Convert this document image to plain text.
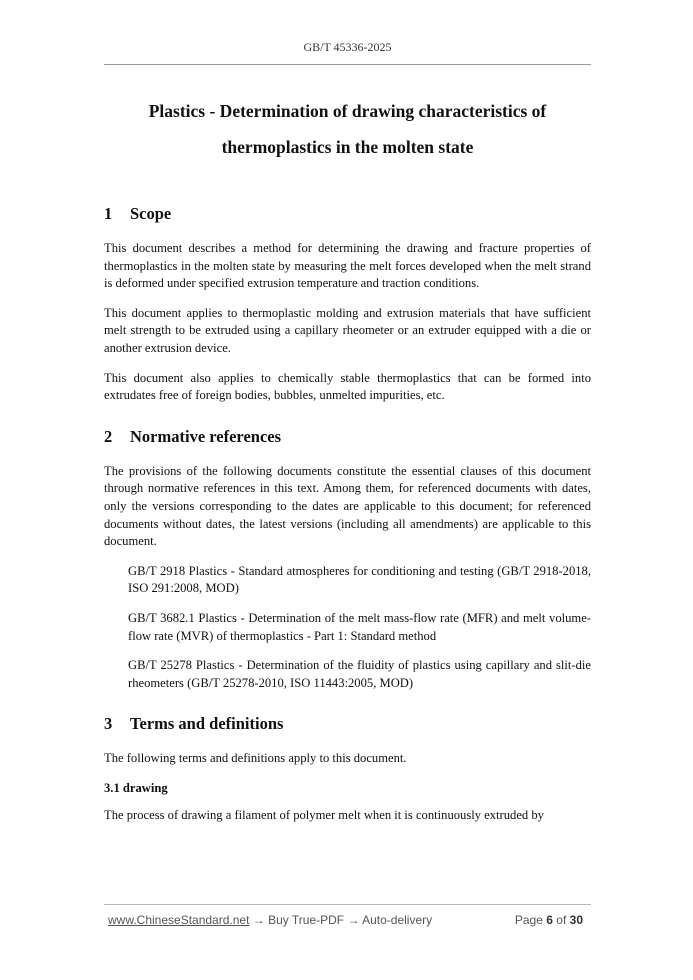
GB/T 45336-2025
Plastics - Determination of drawing characteristics of
thermoplastics in the molten state
1	Scope

This document describes a method for determining the drawing and fracture properties of thermoplastics in the molten state by measuring the melt forces developed when the melt strand is deformed under specified extrusion temperature and traction conditions.

This document applies to thermoplastic molding and extrusion materials that have sufficient melt strength to be extruded using a capillary rheometer or an extruder equipped with a die or another extrusion device.

This document also applies to chemically stable thermoplastics that can be formed into extrudates free of foreign bodies, bubbles, unmelted impurities, etc.

2	Normative references

The provisions of the following documents constitute the essential clauses of this document through normative references in this text. Among them, for referenced documents with dates, only the versions corresponding to the dates are applicable to this document; for referenced documents without dates, the latest versions (including all amendments) are applicable to this document.

GB/T 2918 Plastics - Standard atmospheres for conditioning and testing (GB/T 2918-2018, ISO 291:2008, MOD)

GB/T 3682.1 Plastics - Determination of the melt mass-flow rate (MFR) and melt volume-flow rate (MVR) of thermoplastics - Part 1: Standard method

GB/T 25278 Plastics - Determination of the fluidity of plastics using capillary and slit-die rheometers (GB/T 25278-2010, ISO 11443:2005, MOD)

3	Terms and definitions

The following terms and definitions apply to this document.

3.1 drawing

The process of drawing a filament of polymer melt when it is continuously extruded by

www.ChineseStandard.net → Buy True-PDF → Auto-delivery	Page 6 of 30
